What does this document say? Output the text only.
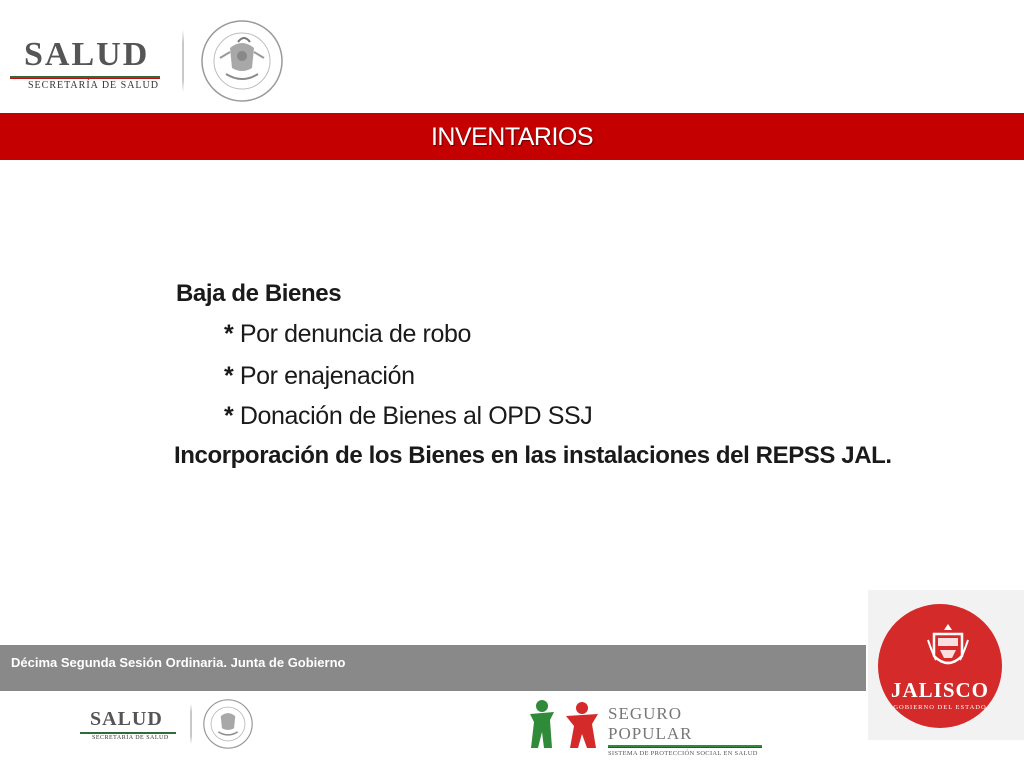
SALUD
SECRETARÍA DE SALUD
INVENTARIOS
Baja de Bienes
* Por denuncia de robo
* Por enajenación
* Donación de Bienes al OPD SSJ
Incorporación de los Bienes en las instalaciones del REPSS JAL.
Décima Segunda Sesión Ordinaria. Junta de Gobierno
SALUD
SECRETARÍA DE SALUD
SEGURO POPULAR
SISTEMA DE PROTECCIÓN SOCIAL EN SALUD
JALISCO
GOBIERNO DEL ESTADO
